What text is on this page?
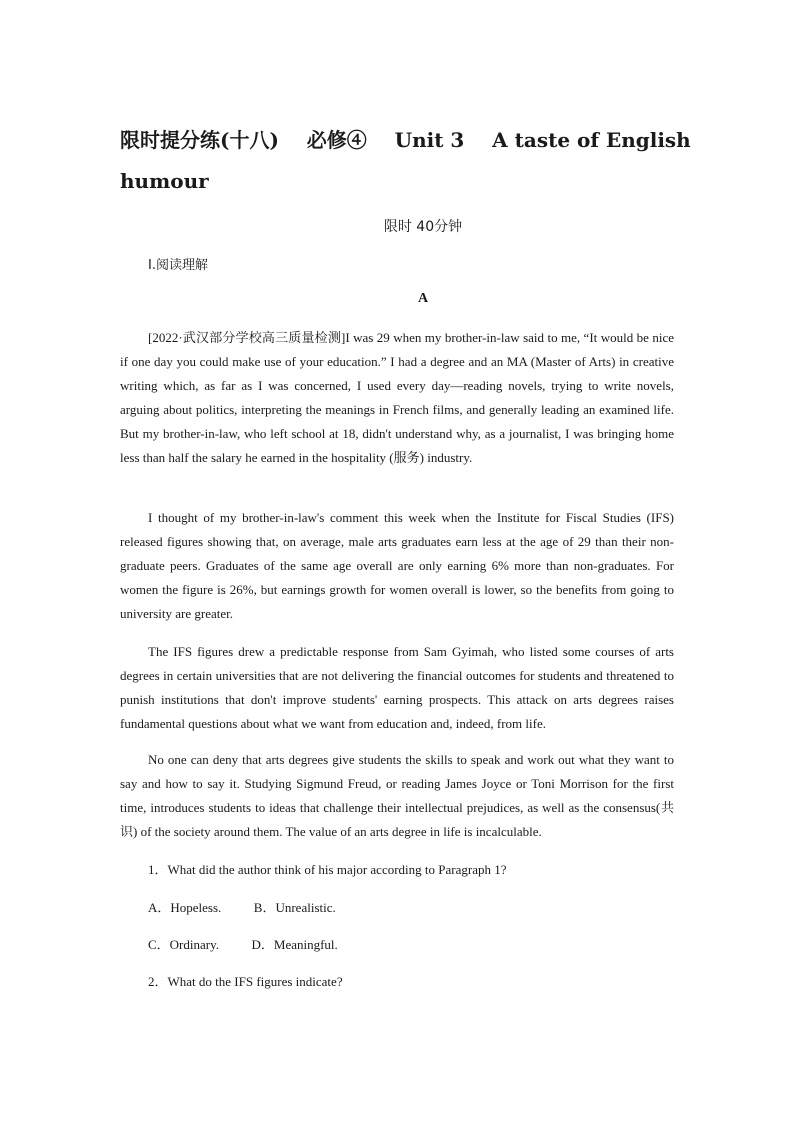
限时提分练(十八)    必修④    Unit 3    A taste of English
humour
限时 40分钟
Ⅰ.阅读理解
A

[2022·武汉部分学校高三质量检测]I was 29 when my brother-in-law said to me, “It would be nice if one day you could make use of your education.” I had a degree and an MA (Master of Arts) in creative writing which, as far as I was concerned, I used every day—reading novels, trying to write novels, arguing about politics, interpreting the meanings in French films, and generally leading an examined life. But my brother-in-law, who left school at 18, didn't understand why, as a journalist, I was bringing home less than half the salary he earned in the hospitality (服务) industry.

I thought of my brother-in-law's comment this week when the Institute for Fiscal Studies (IFS) released figures showing that, on average, male arts graduates earn less at the age of 29 than their non-graduate peers. Graduates of the same age overall are only earning 6% more than non-graduates. For women the figure is 26%, but earnings growth for women overall is lower, so the benefits from going to university are greater.

The IFS figures drew a predictable response from Sam Gyimah, who listed some courses of arts degrees in certain universities that are not delivering the financial outcomes for students and threatened to punish institutions that don't improve students' earning prospects. This attack on arts degrees raises fundamental questions about what we want from education and, indeed, from life.

No one can deny that arts degrees give students the skills to speak and work out what they want to say and how to say it. Studying Sigmund Freud, or reading James Joyce or Toni Morrison for the first time, introduces students to ideas that challenge their intellectual prejudices, as well as the consensus(共识) of the society around them. The value of an arts degree in life is incalculable.

1．What did the author think of his major according to Paragraph 1?
A．Hopeless.          B．Unrealistic.
C．Ordinary.          D．Meaningful.
2．What do the IFS figures indicate?
